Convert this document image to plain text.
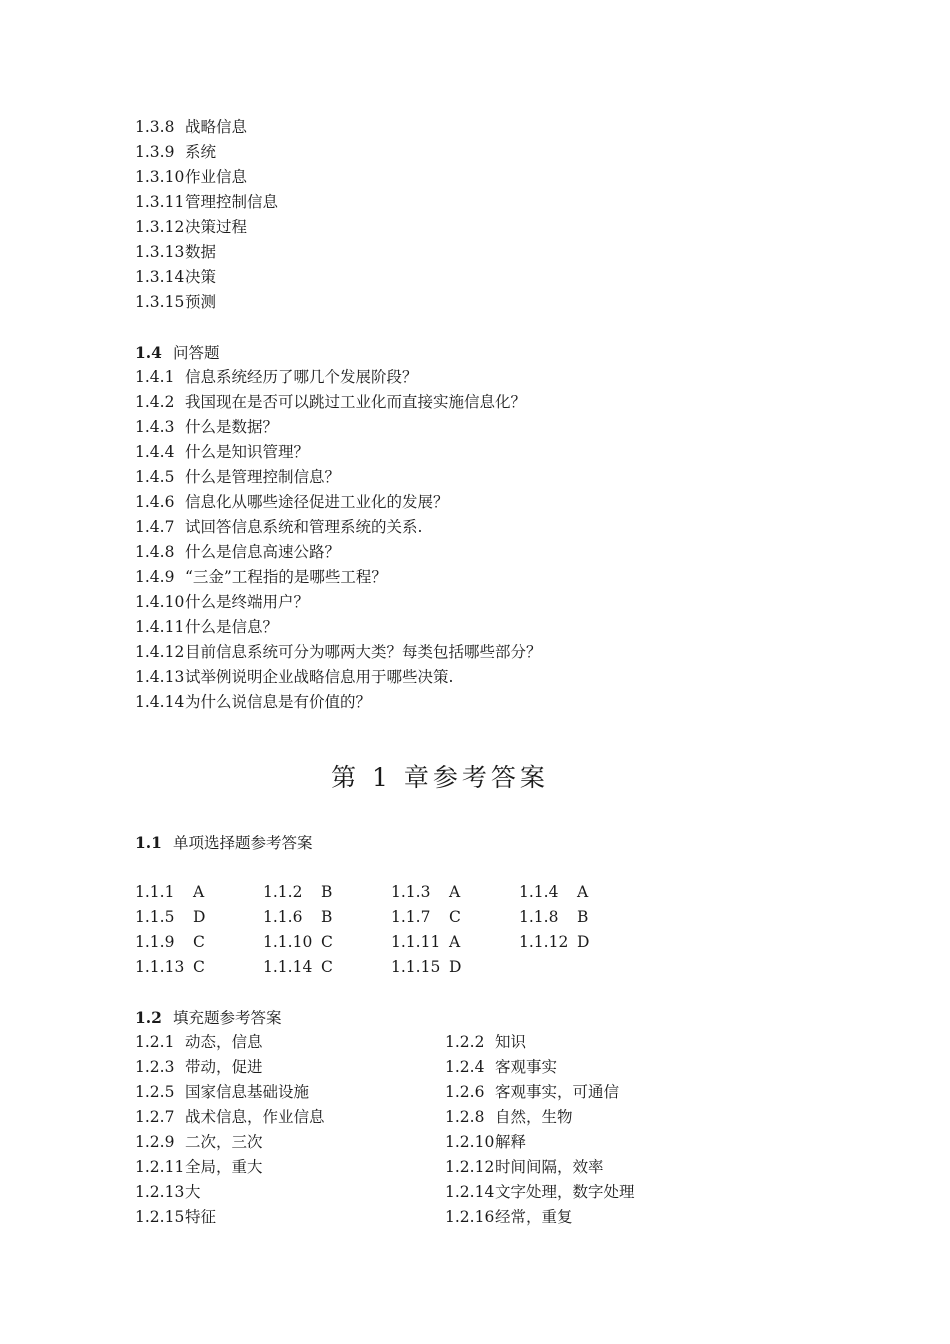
1.3.8 战略信息
1.3.9 系统
1.3.10作业信息
1.3.11管理控制信息
1.3.12决策过程
1.3.13数据
1.3.14决策
1.3.15预测
1.4 问答题
1.4.1 信息系统经历了哪几个发展阶段？
1.4.2 我国现在是否可以跳过工业化而直接实施信息化？
1.4.3 什么是数据？
1.4.4 什么是知识管理？
1.4.5 什么是管理控制信息？
1.4.6 信息化从哪些途径促进工业化的发展？
1.4.7 试回答信息系统和管理系统的关系.
1.4.8 什么是信息高速公路？
1.4.9 “三金”工程指的是哪些工程？
1.4.10什么是终端用户？
1.4.11什么是信息？
1.4.12目前信息系统可分为哪两大类？每类包括哪些部分？
1.4.13试举例说明企业战略信息用于哪些决策.
1.4.14为什么说信息是有价值的？
第 1 章参考答案
1.1 单项选择题参考答案
1.1.1 A	1.1.2 B	1.1.3 A	1.1.4 A
1.1.5 D	1.1.6 B	1.1.7 C	1.1.8 B
1.1.9 C	1.1.10 C	1.1.11 A	1.1.12 D
1.1.13 C	1.1.14 C	1.1.15 D
1.2 填充题参考答案
1.2.1 动态，信息	1.2.2 知识
1.2.3 带动，促进	1.2.4 客观事实
1.2.5 国家信息基础设施	1.2.6 客观事实，可通信
1.2.7 战术信息，作业信息	1.2.8 自然，生物
1.2.9 二次，三次	1.2.10解释
1.2.11全局，重大	1.2.12时间间隔，效率
1.2.13大	1.2.14文字处理，数字处理
1.2.15特征	1.2.16经常，重复
